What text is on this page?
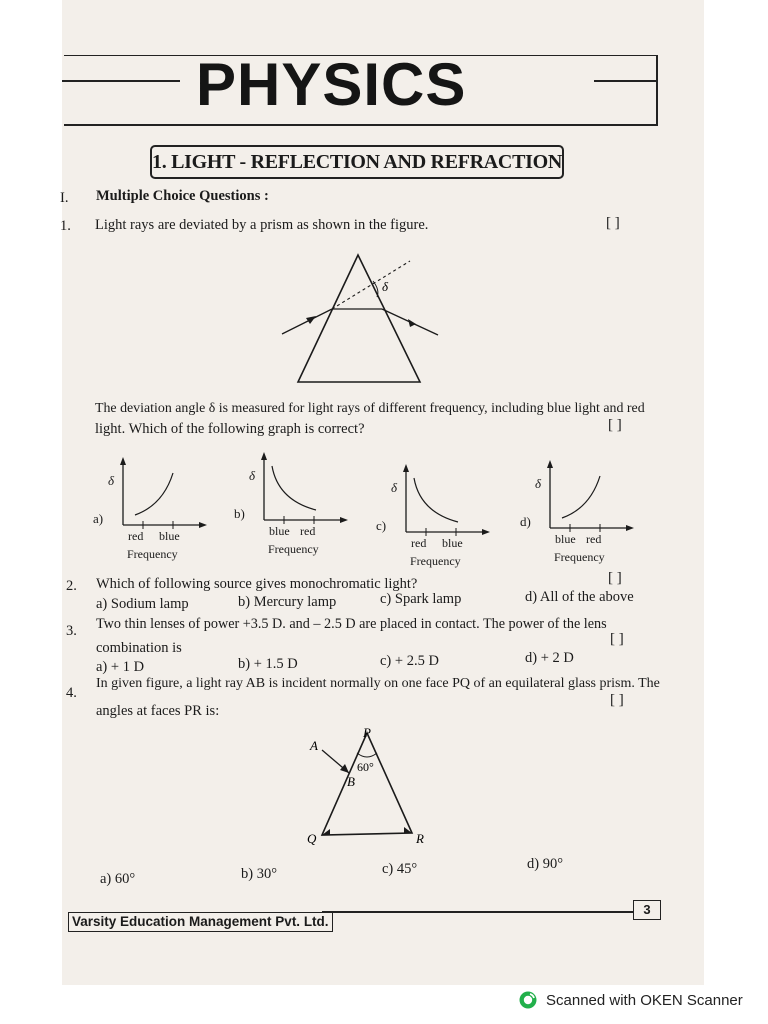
PHYSICS
1. LIGHT - REFLECTION AND REFRACTION
I. Multiple Choice Questions :
1. Light rays are deviated by a prism as shown in the figure.	[ ]
δ
The deviation angle δ is measured for light rays of different frequency, including blue light and red
light. Which of the following graph is correct?	[ ]
δ
a)
red blue
Frequency
δ
b)
blue red
Frequency
δ
c)
red blue
Frequency
δ
d)
blue red
Frequency
2. Which of following source gives monochromatic light?	[ ]
a) Sodium lamp	b) Mercury lamp	c) Spark lamp	d) All of the above
3. Two thin lenses of power +3.5 D. and – 2.5 D are placed in contact. The power of the lens
combination is
[ ]
a) + 1 D	b) + 1.5 D	c) + 2.5 D	d) + 2 D
4.
In given figure, a light ray AB is incident normally on one face PQ of an equilateral glass prism. The
angles at faces PR is:
[ ]
P
Q	R
A
B
60°
a) 60°	b) 30°	c) 45°	d) 90°
Varsity Education Management Pvt. Ltd.
3
Scanned with OKEN Scanner
